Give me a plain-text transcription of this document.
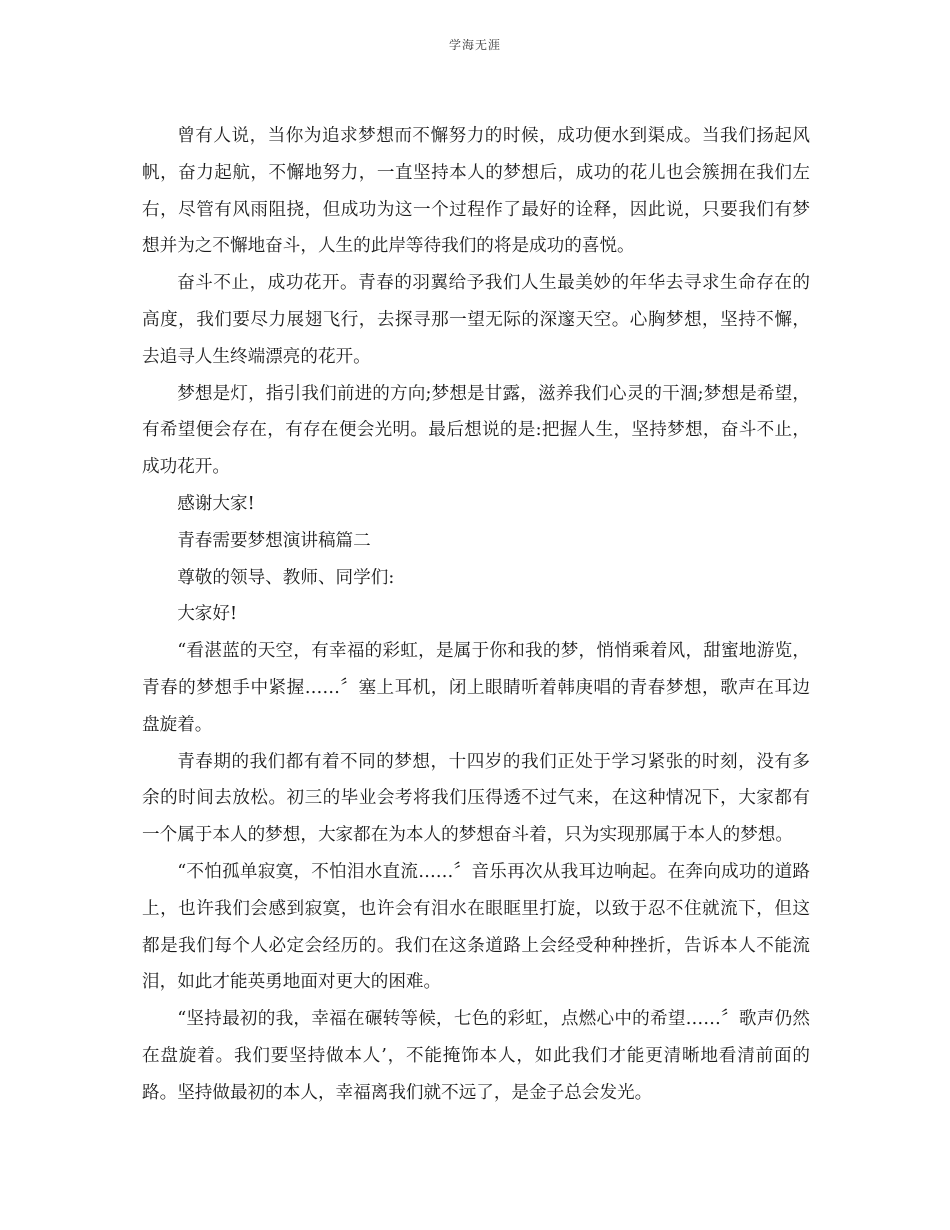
学海无涯

曾有人说，当你为追求梦想而不懈努力的时候，成功便水到渠成。当我们扬起风帆，奋力起航，不懈地努力，一直坚持本人的梦想后，成功的花儿也会簇拥在我们左右，尽管有风雨阻挠，但成功为这一个过程作了最好的诠释，因此说，只要我们有梦想并为之不懈地奋斗，人生的此岸等待我们的将是成功的喜悦。

奋斗不止，成功花开。青春的羽翼给予我们人生最美妙的年华去寻求生命存在的高度，我们要尽力展翅飞行，去探寻那一望无际的深邃天空。心胸梦想，坚持不懈，去追寻人生终端漂亮的花开。

梦想是灯，指引我们前进的方向;梦想是甘露，滋养我们心灵的干涸;梦想是希望，有希望便会存在，有存在便会光明。最后想说的是:把握人生，坚持梦想，奋斗不止，成功花开。

感谢大家!

青春需要梦想演讲稿篇二

尊敬的领导、教师、同学们:

大家好!

“看湛蓝的天空，有幸福的彩虹，是属于你和我的梦，悄悄乘着风，甜蜜地游览，青春的梦想手中紧握……〞塞上耳机，闭上眼睛听着韩庚唱的青春梦想，歌声在耳边盘旋着。

青春期的我们都有着不同的梦想，十四岁的我们正处于学习紧张的时刻，没有多余的时间去放松。初三的毕业会考将我们压得透不过气来，在这种情况下，大家都有一个属于本人的梦想，大家都在为本人的梦想奋斗着，只为实现那属于本人的梦想。

“不怕孤单寂寞，不怕泪水直流……〞音乐再次从我耳边响起。在奔向成功的道路上，也许我们会感到寂寞，也许会有泪水在眼眶里打旋，以致于忍不住就流下，但这都是我们每个人必定会经历的。我们在这条道路上会经受种种挫折，告诉本人不能流泪，如此才能英勇地面对更大的困难。

“坚持最初的我，幸福在碾转等候，七色的彩虹，点燃心中的希望……〞歌声仍然在盘旋着。我们要坚持做本人’，不能掩饰本人，如此我们才能更清晰地看清前面的路。坚持做最初的本人，幸福离我们就不远了，是金子总会发光。
